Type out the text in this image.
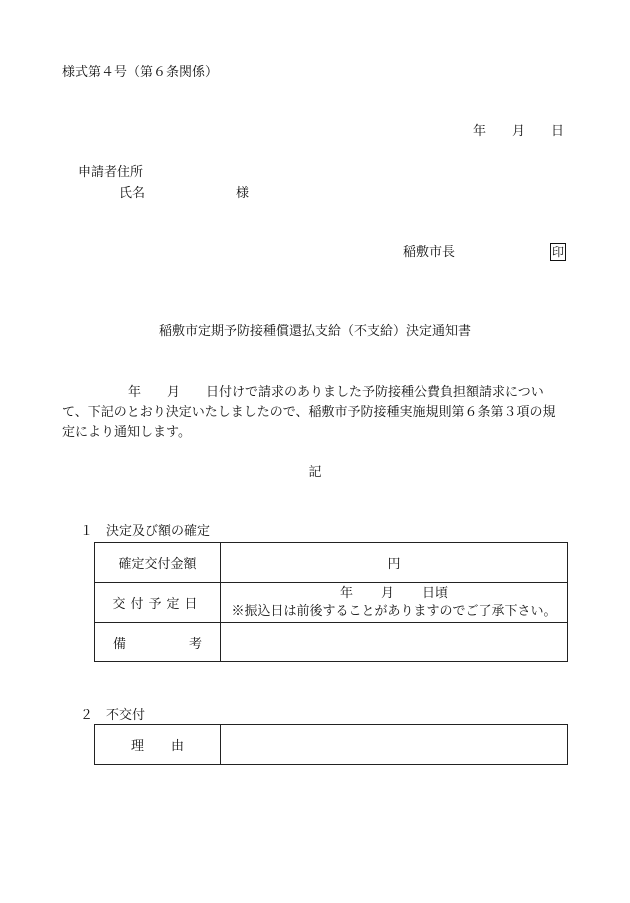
様式第４号（第６条関係）
年 月 日
申請者住所
氏名	様
稲敷市長	印
稲敷市定期予防接種償還払支給（不支給）決定通知書
年 月 日付けで請求のありました予防接種公費負担額請求について、下記のとおり決定いたしましたので、稲敷市予防接種実施規則第６条第３項の規定により通知します。
記
１　決定及び額の確定
確定交付金額	円
交付予定日	年 月 日頃
※振込日は前後することがありますのでご了承下さい。

備 考	

２　不交付
理 由
